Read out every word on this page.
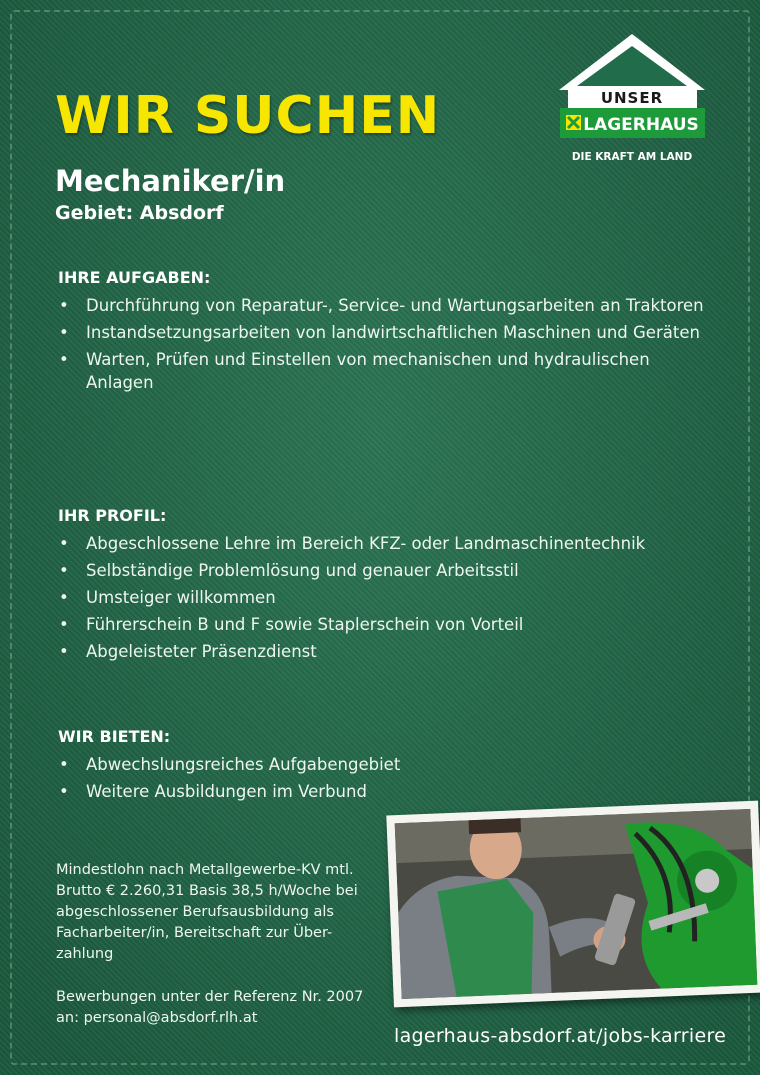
WIR SUCHEN
Mechaniker/in

Gebiet: Absdorf

UNSER
LAGERHAUS
DIE KRAFT AM LAND
IHRE AUFGABEN:
• Durchführung von Reparatur-, Service- und Wartungsarbeiten an Traktoren
• Instandsetzungsarbeiten von landwirtschaftlichen Maschinen und Geräten
• Warten, Prüfen und Einstellen von mechanischen und hydraulischen Anlagen
IHR PROFIL:
• Abgeschlossene Lehre im Bereich KFZ- oder Landmaschinentechnik
• Selbständige Problemlösung und genauer Arbeitsstil
• Umsteiger willkommen
• Führerschein B und F sowie Staplerschein von Vorteil
• Abgeleisteter Präsenzdienst
WIR BIETEN:
• Abwechslungsreiches Aufgabengebiet
• Weitere Ausbildungen im Verbund

Mindestlohn nach Metallgewerbe-KV mtl. Brutto € 2.260,31 Basis 38,5 h/Woche bei abgeschlossener Berufsausbildung als Facharbeiter/in, Bereitschaft zur Über-zahlung

Bewerbungen unter der Referenz Nr. 2007 an: personal@absdorf.rlh.at

lagerhaus-absdorf.at/jobs-karriere
